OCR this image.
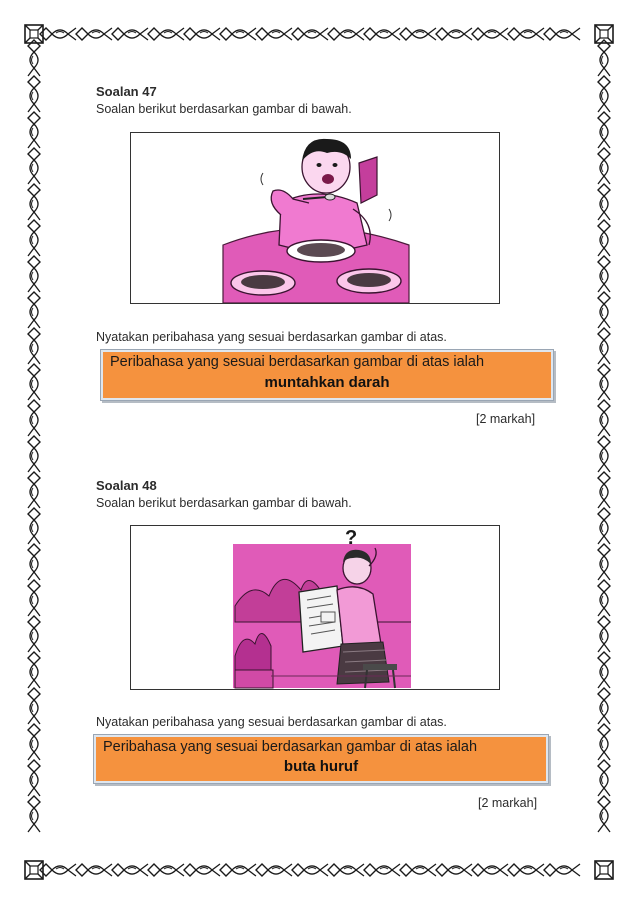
Soalan 47
Soalan berikut berdasarkan gambar di bawah.
Nyatakan peribahasa yang sesuai berdasarkan gambar di atas.
Peribahasa yang sesuai berdasarkan gambar di atas ialah
muntahkan darah
[2 markah]
Soalan 48
Soalan berikut berdasarkan gambar di bawah.
?
Nyatakan peribahasa yang sesuai berdasarkan gambar di atas.
Peribahasa yang sesuai berdasarkan gambar di atas ialah
buta huruf
[2 markah]
